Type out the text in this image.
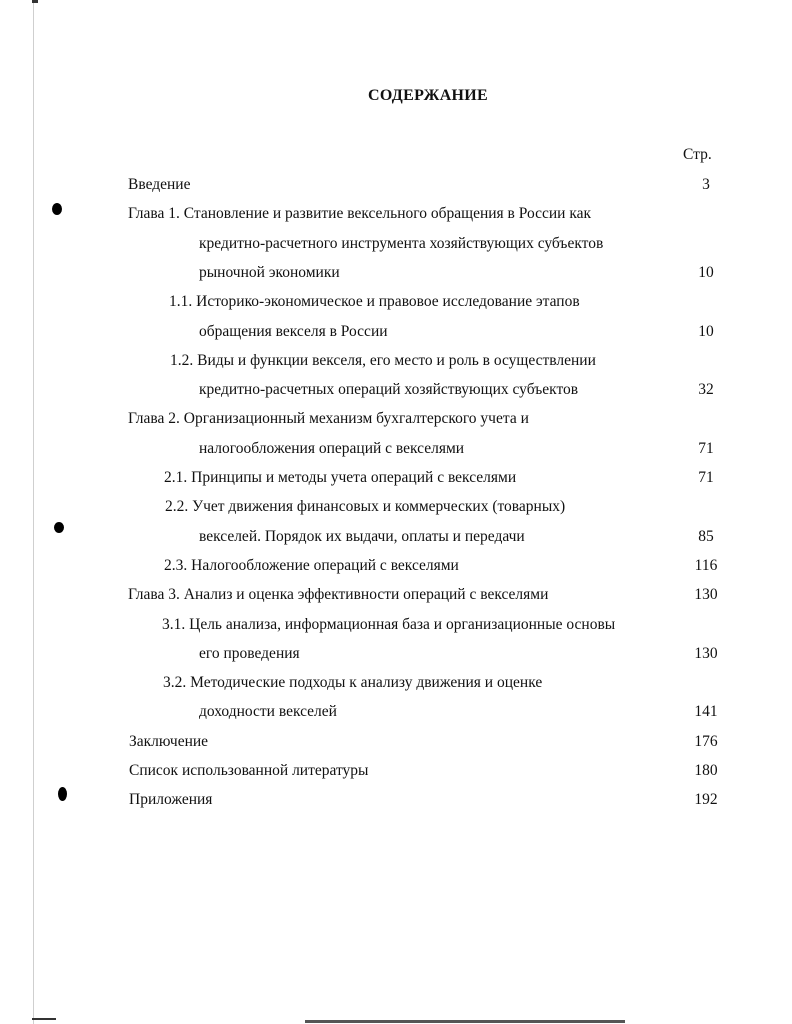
СОДЕРЖАНИЕ
Стр.
Введение	3
Глава 1. Становление и развитие вексельного обращения в России как
кредитно-расчетного инструмента хозяйствующих субъектов
рыночной экономики	10
1.1. Историко-экономическое и правовое исследование этапов
обращения векселя в России	10
1.2. Виды и функции векселя, его место и роль в осуществлении
кредитно-расчетных операций хозяйствующих субъектов	32
Глава 2. Организационный механизм бухгалтерского учета и
налогообложения операций с векселями	71
2.1. Принципы и методы учета операций с векселями	71
2.2. Учет движения финансовых и коммерческих (товарных)
векселей. Порядок их выдачи, оплаты и передачи	85
2.3. Налогообложение операций с векселями	116
Глава 3. Анализ и оценка эффективности операций с векселями	130
3.1. Цель анализа, информационная база и организационные основы
его проведения	130
3.2. Методические подходы к анализу движения и оценке
доходности векселей	141
Заключение	176
Список использованной литературы	180
Приложения	192
